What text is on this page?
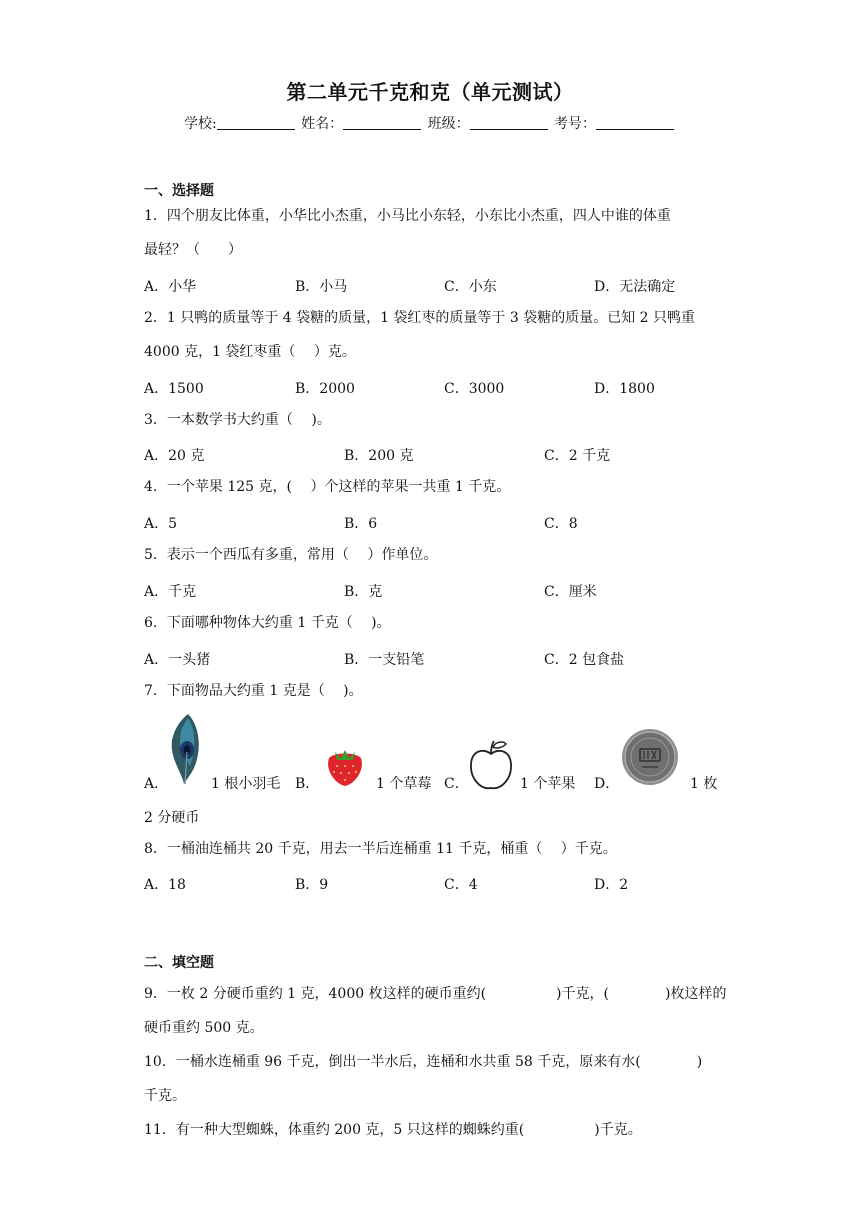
第二单元千克和克（单元测试）
学校:	姓名：	班级：	考号：
一、选择题
1．四个朋友比体重，小华比小杰重，小马比小东轻，小东比小杰重，四人中谁的体重
最轻？（　　）
A．小华	B．小马	C．小东	D．无法确定
2．1 只鸭的质量等于 4 袋糖的质量，1 袋红枣的质量等于 3 袋糖的质量。已知 2 只鸭重
4000 克，1 袋红枣重（　 ）克。
A．1500	B．2000	C．3000	D．1800
3．一本数学书大约重（　 )。
A．20 克	B．200 克	C．2 千克
4．一个苹果 125 克，(　 ）个这样的苹果一共重 1 千克。
A．5	B．6	C．8
5．表示一个西瓜有多重，常用（　 ）作单位。
A．千克	B．克	C．厘米
6．下面哪种物体大约重 1 千克（　 )。
A．一头猪	B．一支铅笔	C．2 包食盐
7．下面物品大约重 1 克是（　 )。
A．	1 根小羽毛 B．	1 个草莓 C．	1 个苹果 D．	1 枚
2 分硬币
8．一桶油连桶共 20 千克，用去一半后连桶重 11 千克，桶重（　 ）千克。
A．18	B．9	C．4	D．2
二、填空题
9．一枚 2 分硬币重约 1 克，4000 枚这样的硬币重约(　　　　　)千克，(　　　　)枚这样的
硬币重约 500 克。
10．一桶水连桶重 96 千克，倒出一半水后，连桶和水共重 58 千克，原来有水(　　　　)
千克。
11．有一种大型蜘蛛，体重约 200 克，5 只这样的蜘蛛约重(　　　　　)千克。
